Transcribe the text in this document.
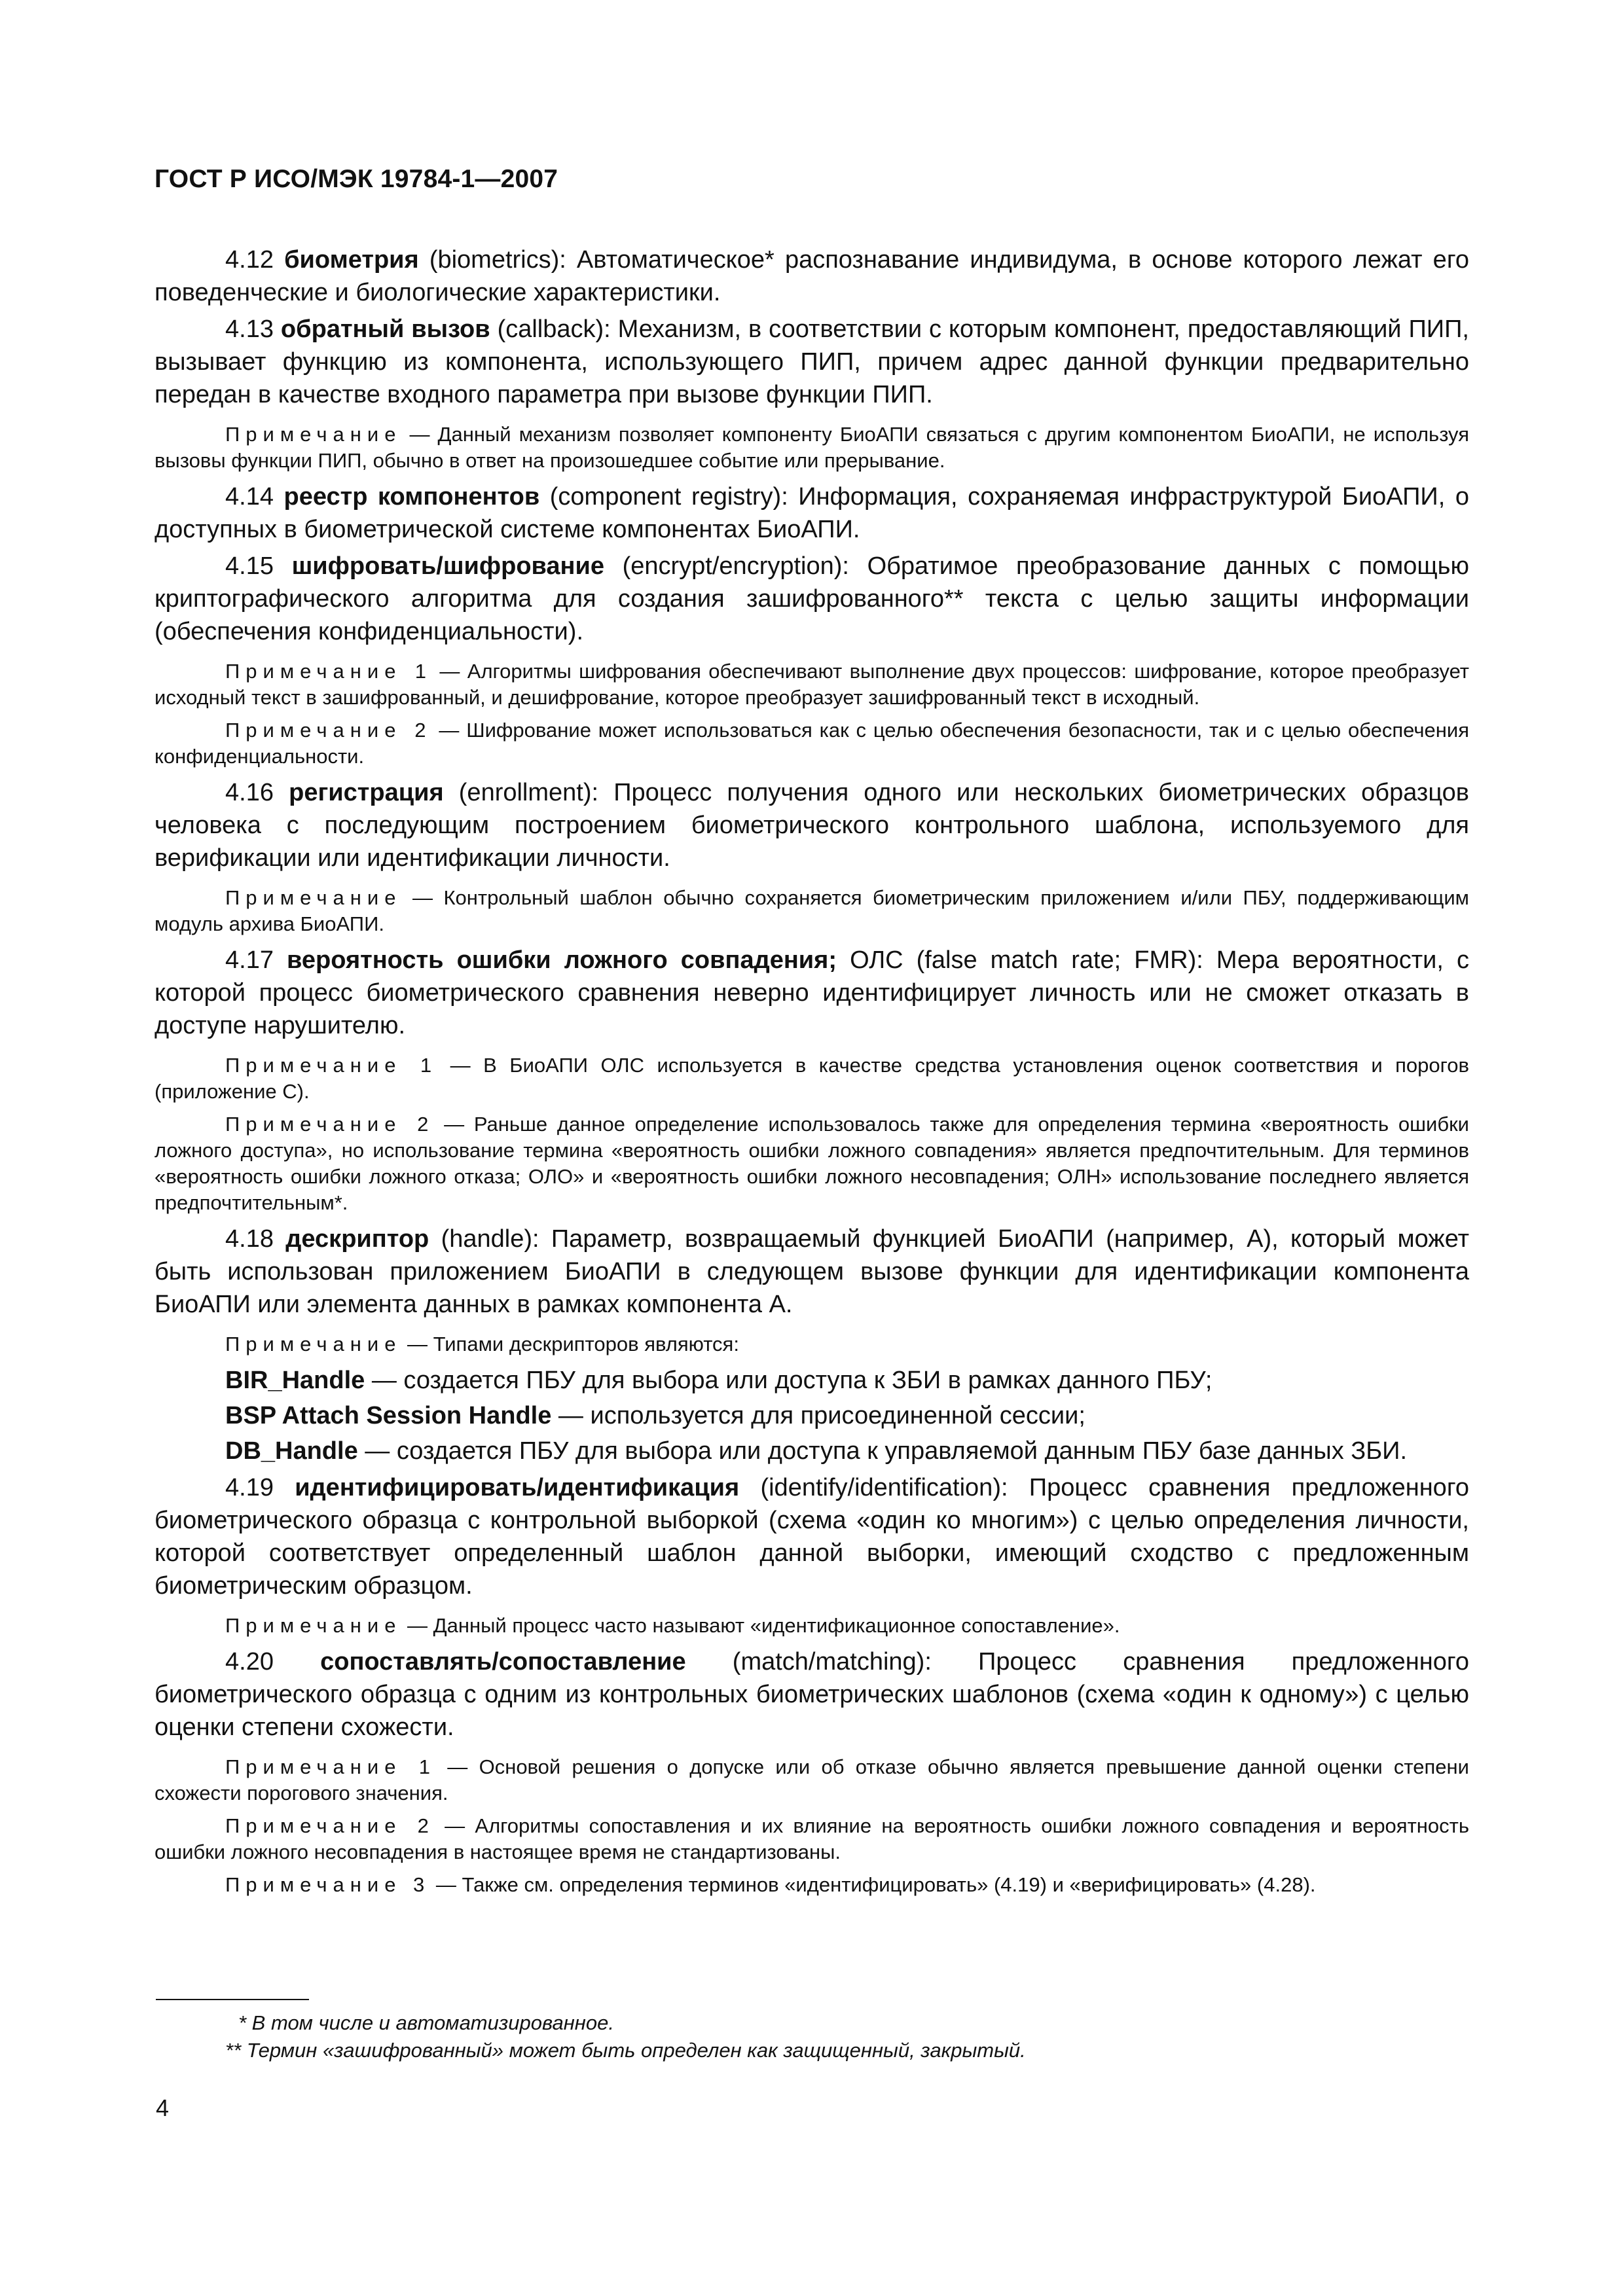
ГОСТ Р ИСО/МЭК 19784-1—2007

4.12 биометрия (biometrics): Автоматическое* распознавание индивидума, в основе которого лежат его поведенческие и биологические характеристики.

4.13 обратный вызов (callback): Механизм, в соответствии с которым компонент, предоставляющий ПИП, вызывает функцию из компонента, использующего ПИП, причем адрес данной функции предварительно передан в качестве входного параметра при вызове функции ПИП.

Примечание — Данный механизм позволяет компоненту БиоАПИ связаться с другим компонентом БиоАПИ, не используя вызовы функции ПИП, обычно в ответ на произошедшее событие или прерывание.

4.14 реестр компонентов (component registry): Информация, сохраняемая инфраструктурой БиоАПИ, о доступных в биометрической системе компонентах БиоАПИ.

4.15 шифровать/шифрование (encrypt/encryption): Обратимое преобразование данных с помощью криптографического алгоритма для создания зашифрованного** текста с целью защиты информации (обеспечения конфиденциальности).

Примечание 1 — Алгоритмы шифрования обеспечивают выполнение двух процессов: шифрование, которое преобразует исходный текст в зашифрованный, и дешифрование, которое преобразует зашифрованный текст в исходный.

Примечание 2 — Шифрование может использоваться как с целью обеспечения безопасности, так и с целью обеспечения конфиденциальности.

4.16 регистрация (enrollment): Процесс получения одного или нескольких биометрических образцов человека с последующим построением биометрического контрольного шаблона, используемого для верификации или идентификации личности.

Примечание — Контрольный шаблон обычно сохраняется биометрическим приложением и/или ПБУ, поддерживающим модуль архива БиоАПИ.

4.17 вероятность ошибки ложного совпадения; ОЛС (false match rate; FMR): Мера вероятности, с которой процесс биометрического сравнения неверно идентифицирует личность или не сможет отказать в доступе нарушителю.

Примечание 1 — В БиоАПИ ОЛС используется в качестве средства установления оценок соответствия и порогов (приложение С).

Примечание 2 — Раньше данное определение использовалось также для определения термина «вероятность ошибки ложного доступа», но использование термина «вероятность ошибки ложного совпадения» является предпочтительным. Для терминов «вероятность ошибки ложного отказа; ОЛО» и «вероятность ошибки ложного несовпадения; ОЛН» использование последнего является предпочтительным*.

4.18 дескриптор (handle): Параметр, возвращаемый функцией БиоАПИ (например, А), который может быть использован приложением БиоАПИ в следующем вызове функции для идентификации компонента БиоАПИ или элемента данных в рамках компонента А.

Примечание — Типами дескрипторов являются:

BIR_Handle — создается ПБУ для выбора или доступа к ЗБИ в рамках данного ПБУ;

BSP Attach Session Handle — используется для присоединенной сессии;

DB_Handle — создается ПБУ для выбора или доступа к управляемой данным ПБУ базе данных ЗБИ.

4.19 идентифицировать/идентификация (identify/identification): Процесс сравнения предложенного биометрического образца с контрольной выборкой (схема «один ко многим») с целью определения личности, которой соответствует определенный шаблон данной выборки, имеющий сходство с предложенным биометрическим образцом.

Примечание — Данный процесс часто называют «идентификационное сопоставление».

4.20 сопоставлять/сопоставление (match/matching): Процесс сравнения предложенного биометрического образца с одним из контрольных биометрических шаблонов (схема «один к одному») с целью оценки степени схожести.

Примечание 1 — Основой решения о допуске или об отказе обычно является превышение данной оценки степени схожести порогового значения.

Примечание 2 — Алгоритмы сопоставления и их влияние на вероятность ошибки ложного совпадения и вероятность ошибки ложного несовпадения в настоящее время не стандартизованы.

Примечание 3 — Также см. определения терминов «идентифицировать» (4.19) и «верифицировать» (4.28).

* В том числе и автоматизированное.

** Термин «зашифрованный» может быть определен как защищенный, закрытый.

4
